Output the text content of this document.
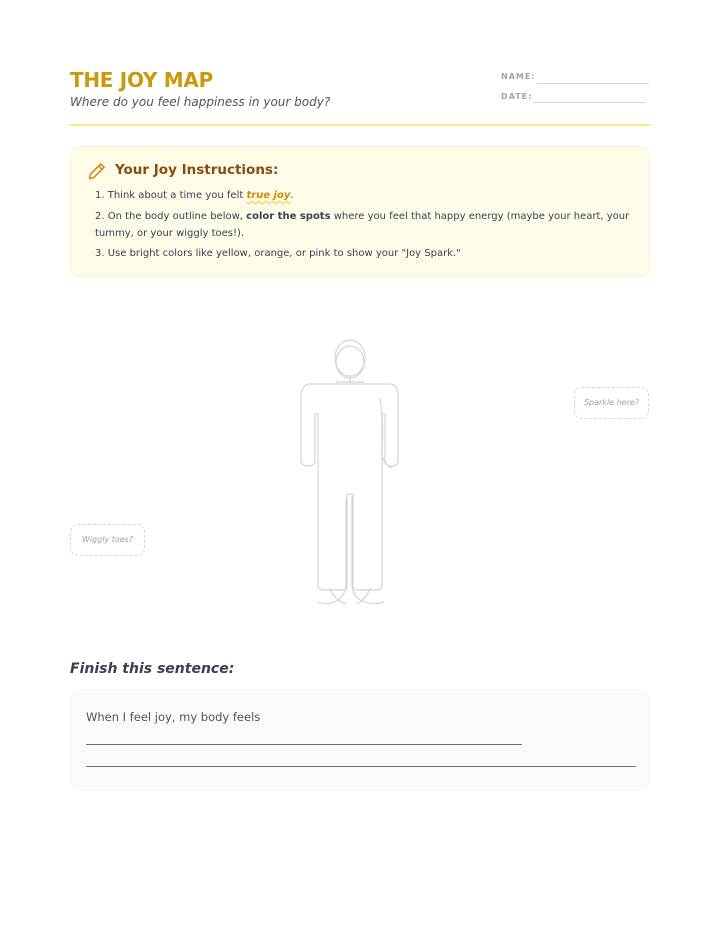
THE JOY MAP
Where do you feel happiness in your body?
NAME:
DATE:
Your Joy Instructions:
1. Think about a time you felt true joy.
2. On the body outline below, color the spots where you feel that happy energy (maybe your heart, your tummy, or your wiggly toes!).
3. Use bright colors like yellow, orange, or pink to show your "Joy Spark."
Sparkle here?
Wiggly toes?
Finish this sentence:
When I feel joy, my body feels
